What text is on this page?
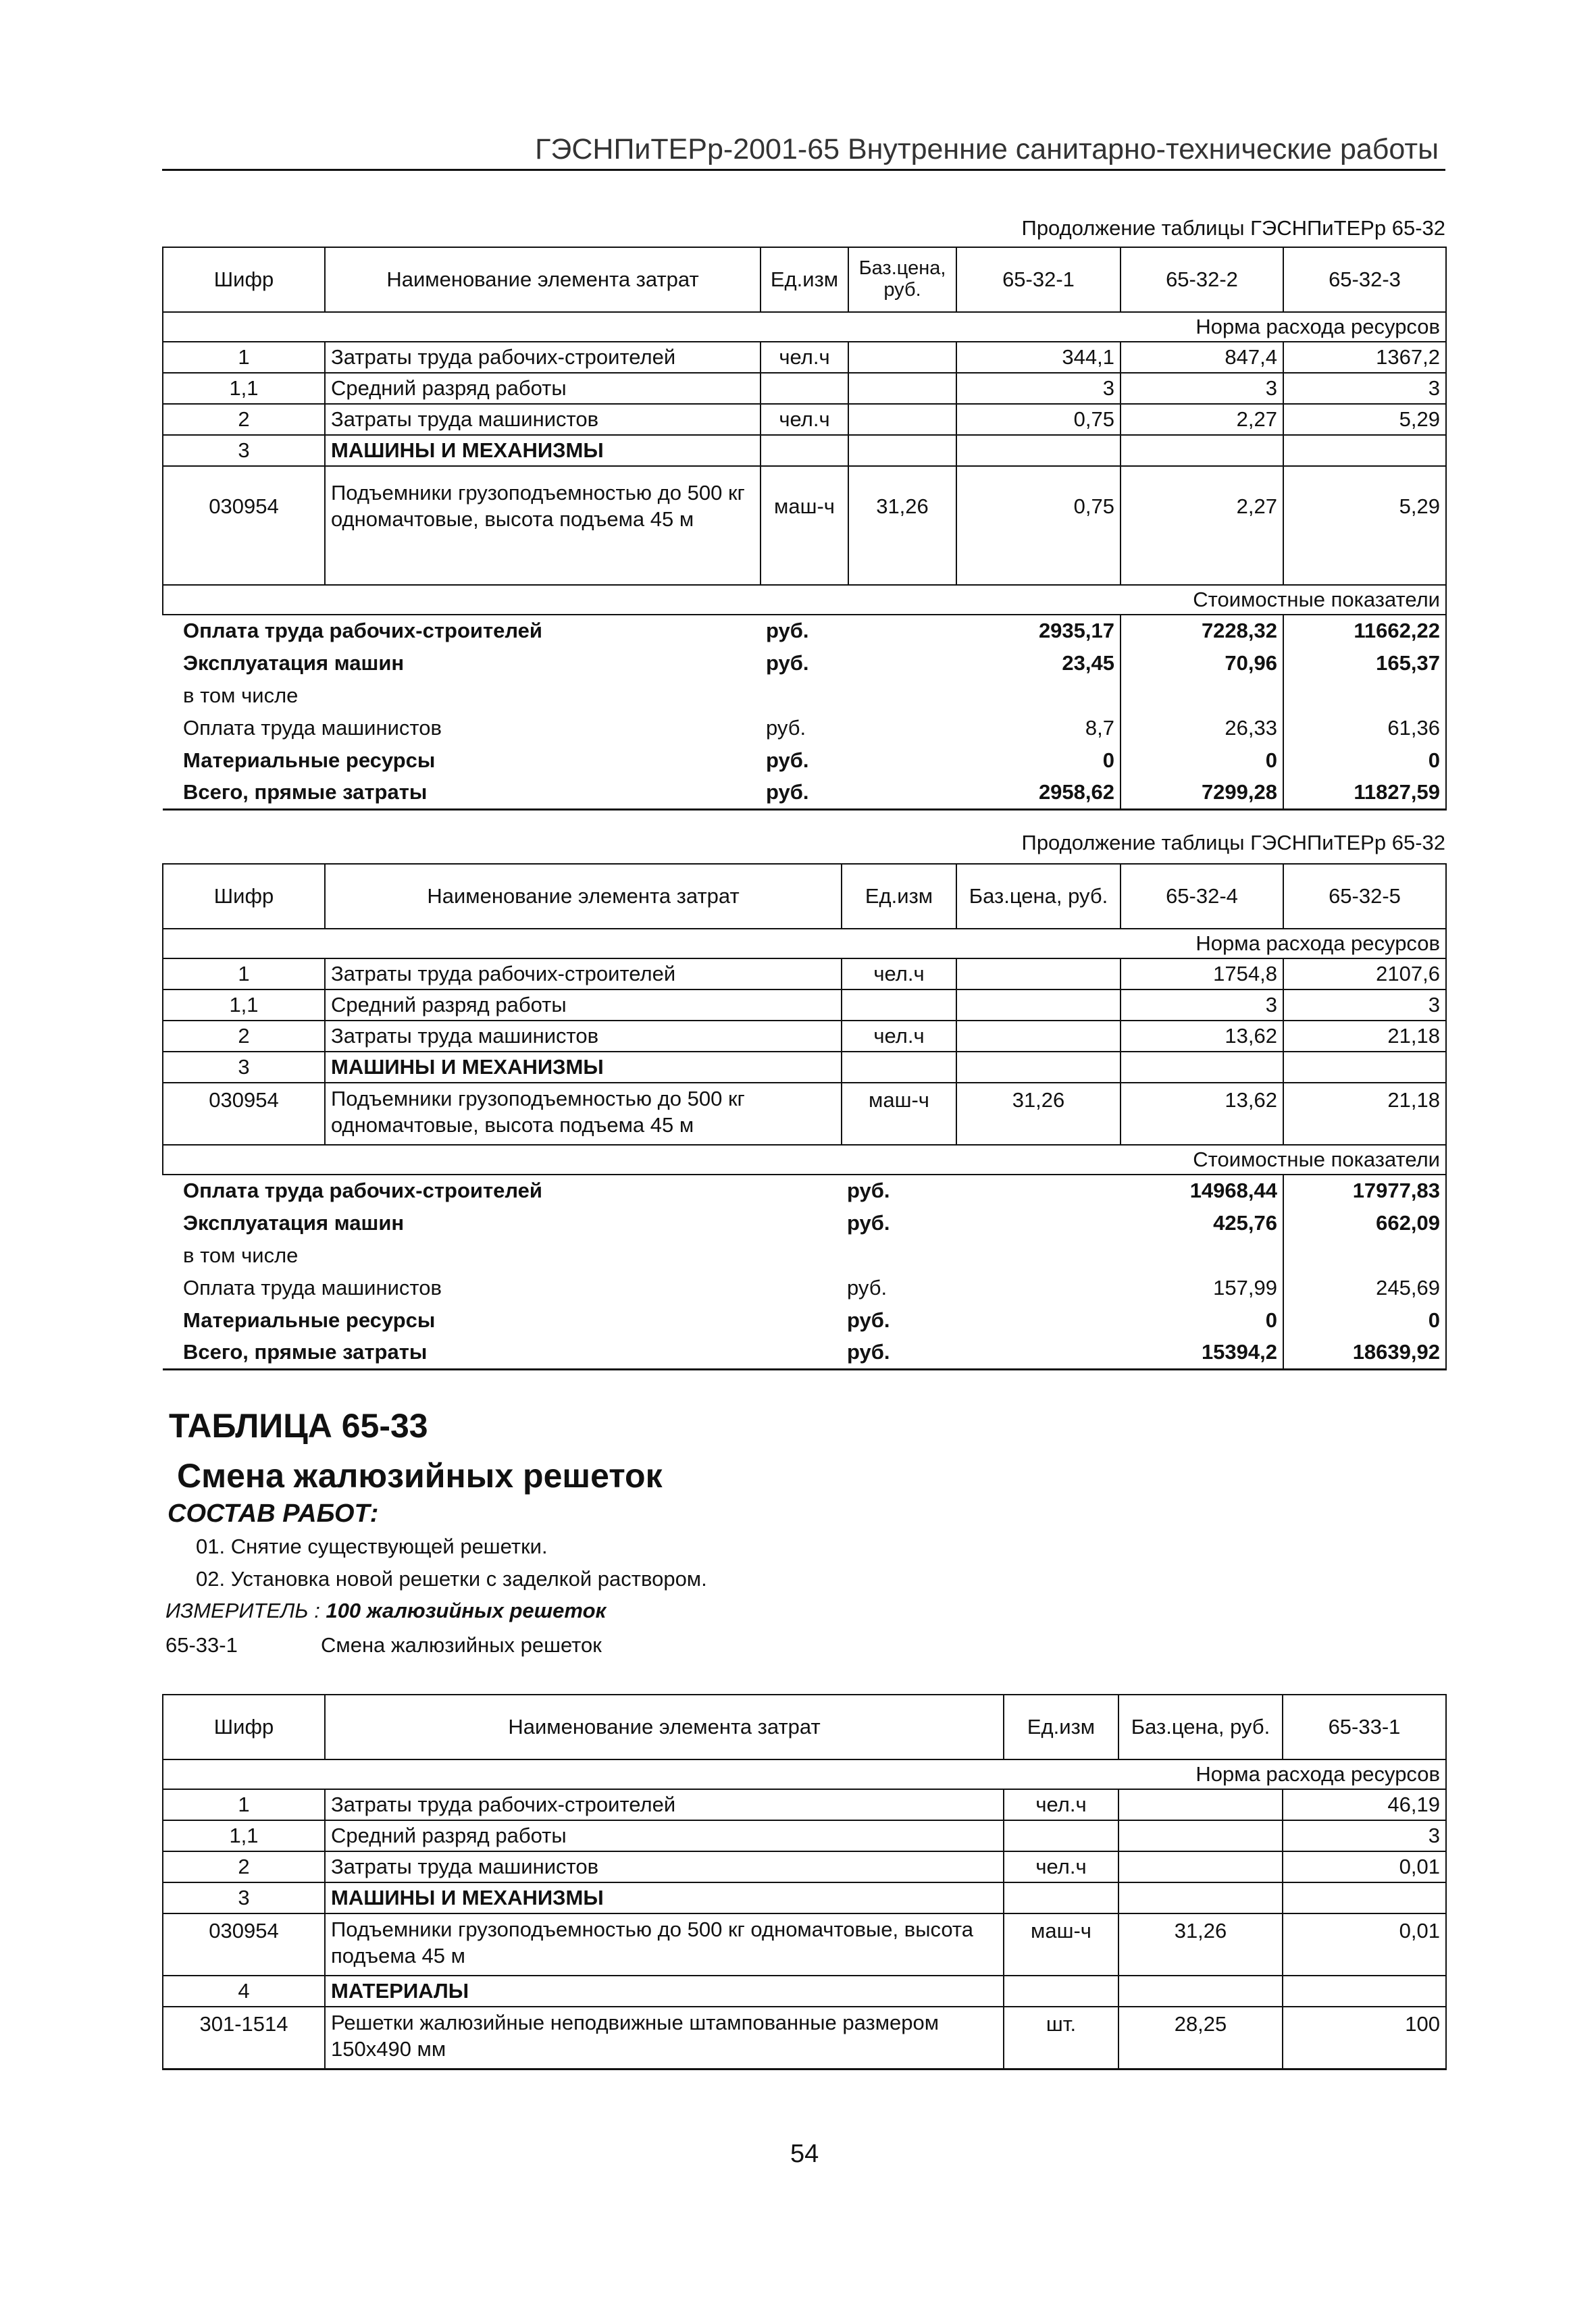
ГЭСНПиТЕРр-2001-65 Внутренние санитарно-технические работы
Продолжение таблицы ГЭСНПиТЕРр 65-32
Шифр	Наименование элемента затрат	Ед.изм	Баз.цена, руб.	65-32-1	65-32-2	65-32-3
Норма расхода ресурсов						
1	Затраты труда рабочих-строителей	чел.ч		344,1	847,4	1367,2
1,1	Средний разряд работы			3	3	3
2	Затраты труда машинистов	чел.ч		0,75	2,27	5,29
3	МАШИНЫ И МЕХАНИЗМЫ					
030954	Подъемники грузоподъемностью до 500 кг одномачтовые, высота подъема 45 м	маш-ч	31,26	0,75	2,27	5,29
Стоимостные показатели						
Оплата труда рабочих-строителей		руб.		2935,17	7228,32	11662,22
Эксплуатация машин		руб.		23,45	70,96	165,37
в том числе						
Оплата труда машинистов		руб.		8,7	26,33	61,36
Материальные ресурсы		руб.		0	0	0
Всего, прямые затраты		руб.		2958,62	7299,28	11827,59
Продолжение таблицы ГЭСНПиТЕРр 65-32
Шифр	Наименование элемента затрат	Ед.изм	Баз.цена, руб.	65-32-4	65-32-5
Норма расхода ресурсов					
1	Затраты труда рабочих-строителей	чел.ч		1754,8	2107,6
1,1	Средний разряд работы			3	3
2	Затраты труда машинистов	чел.ч		13,62	21,18
3	МАШИНЫ И МЕХАНИЗМЫ				
030954	Подъемники грузоподъемностью до 500 кг одномачтовые, высота подъема 45 м	маш-ч	31,26	13,62	21,18
Стоимостные показатели					
Оплата труда рабочих-строителей		руб.		14968,44	17977,83
Эксплуатация машин		руб.		425,76	662,09
в том числе					
Оплата труда машинистов		руб.		157,99	245,69
Материальные ресурсы		руб.		0	0
Всего, прямые затраты		руб.		15394,2	18639,92
ТАБЛИЦА 65-33
Смена жалюзийных решеток
СОСТАВ РАБОТ:
01. Снятие существующей решетки.
02. Установка новой решетки с заделкой раствором.
ИЗМЕРИТЕЛЬ : 100 жалюзийных решеток
65-33-1	Смена жалюзийных решеток
Шифр	Наименование элемента затрат	Ед.изм	Баз.цена, руб.	65-33-1
Норма расхода ресурсов				
1	Затраты труда рабочих-строителей	чел.ч		46,19
1,1	Средний разряд работы			3
2	Затраты труда машинистов	чел.ч		0,01
3	МАШИНЫ И МЕХАНИЗМЫ			
030954	Подъемники грузоподъемностью до 500 кг одномачтовые, высота подъема 45 м	маш-ч	31,26	0,01
4	МАТЕРИАЛЫ			
301-1514	Решетки жалюзийные неподвижные штампованные размером 150х490 мм	шт.	28,25	100
54
